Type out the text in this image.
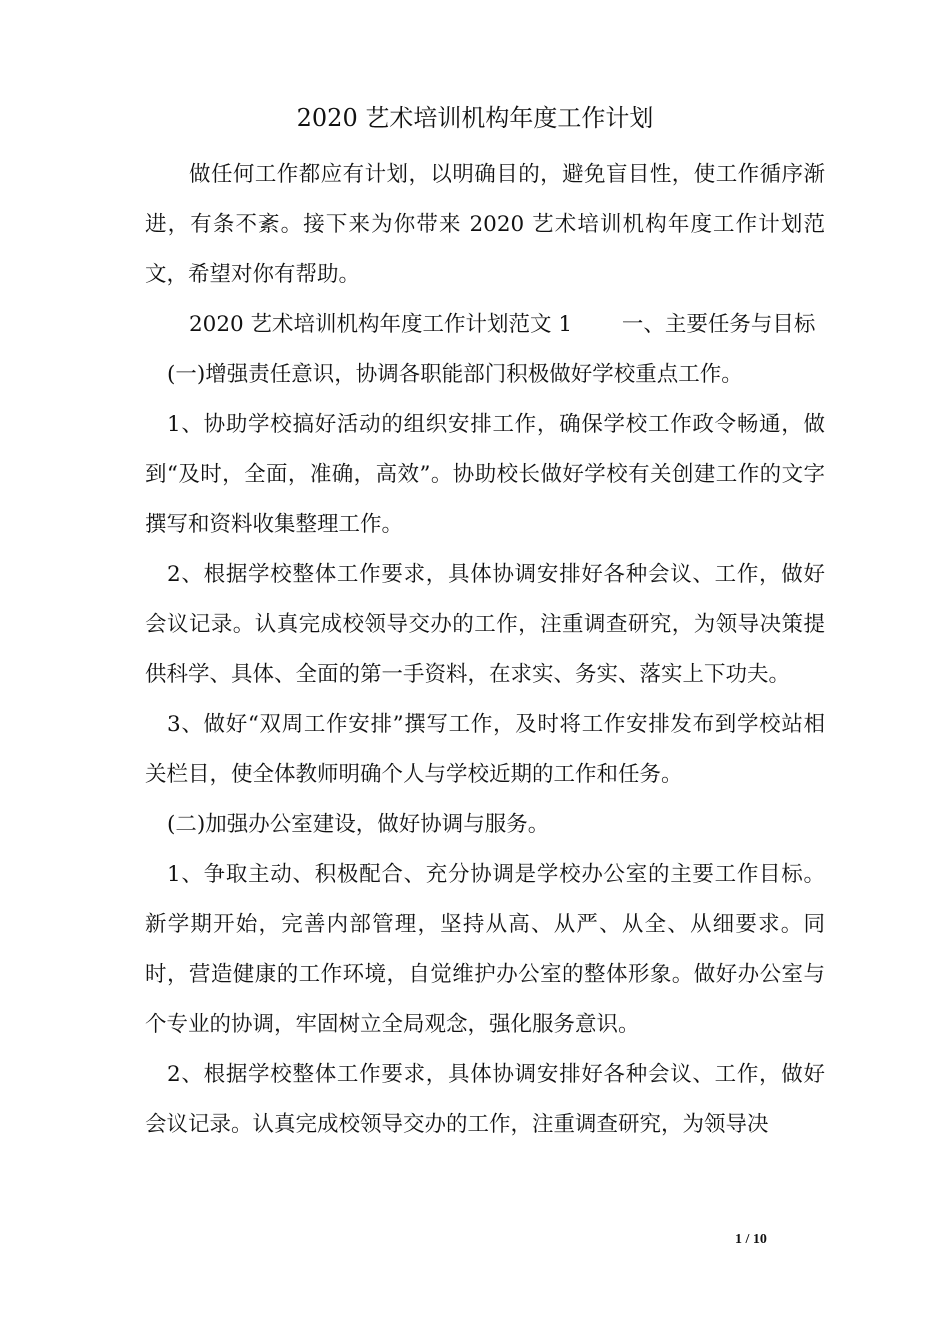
2020 艺术培训机构年度工作计划

做任何工作都应有计划，以明确目的，避免盲目性，使工作循序渐进，有条不紊。接下来为你带来 2020 艺术培训机构年度工作计划范文，希望对你有帮助。

2020 艺术培训机构年度工作计划范文 1　　 一、主要任务与目标

(一)增强责任意识，协调各职能部门积极做好学校重点工作。

1、协助学校搞好活动的组织安排工作，确保学校工作政令畅通，做到“及时，全面，准确，高效”。协助校长做好学校有关创建工作的文字撰写和资料收集整理工作。

2、根据学校整体工作要求，具体协调安排好各种会议、工作，做好会议记录。认真完成校领导交办的工作，注重调查研究，为领导决策提供科学、具体、全面的第一手资料，在求实、务实、落实上下功夫。

3、做好“双周工作安排”撰写工作，及时将工作安排发布到学校站相关栏目，使全体教师明确个人与学校近期的工作和任务。

(二)加强办公室建设，做好协调与服务。

1、争取主动、积极配合、充分协调是学校办公室的主要工作目标。新学期开始，完善内部管理，坚持从高、从严、从全、从细要求。同时，营造健康的工作环境，自觉维护办公室的整体形象。做好办公室与个专业的协调，牢固树立全局观念，强化服务意识。

2、根据学校整体工作要求，具体协调安排好各种会议、工作，做好会议记录。认真完成校领导交办的工作，注重调查研究，为领导决

1 / 10
